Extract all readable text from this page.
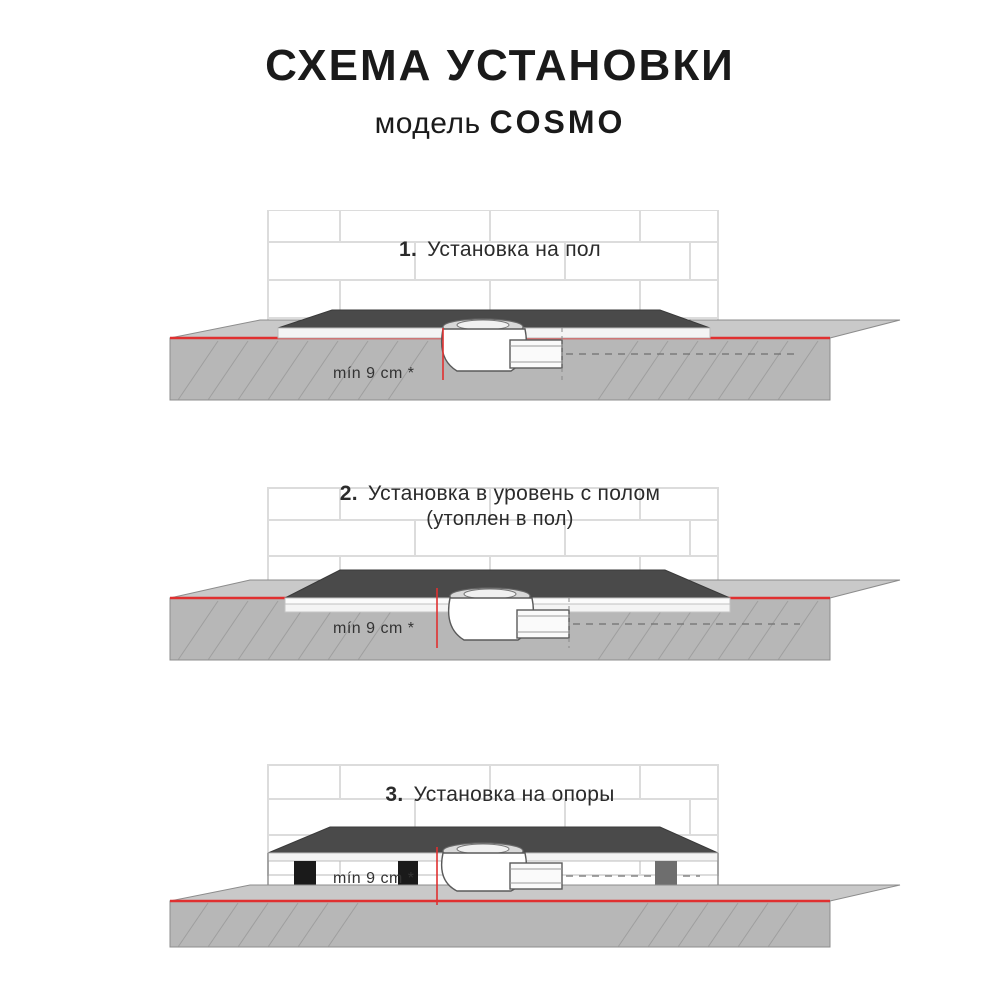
СХЕМА УСТАНОВКИ

модель COSMO

1. Установка на пол
mín 9 cm *
2. Установка в уровень с полом
(утоплен в пол)
mín 9 cm *
3. Установка на опоры
mín 9 cm *
